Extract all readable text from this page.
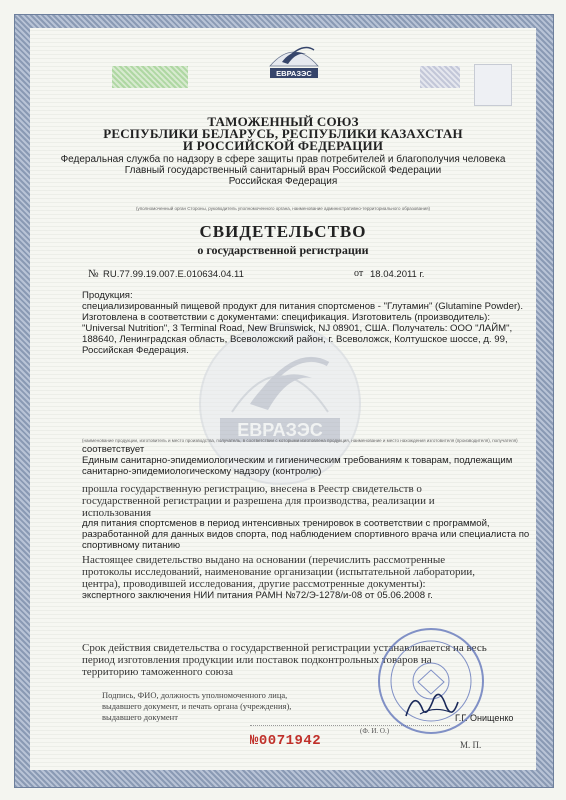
ЕВРАЗЭС
ЕВРАЗЭС
ТАМОЖЕННЫЙ СОЮЗ
РЕСПУБЛИКИ БЕЛАРУСЬ, РЕСПУБЛИКИ КАЗАХСТАН
И РОССИЙСКОЙ ФЕДЕРАЦИИ
Федеральная служба по надзору в сфере защиты прав потребителей и благополучия человека
Главный государственный санитарный врач Российской Федерации
Российская Федерация
(уполномоченный орган Стороны, руководитель уполномоченного органа, наименование административно-территориального образования)
СВИДЕТЕЛЬСТВО
о государственной регистрации
№ RU.77.99.19.007.Е.010634.04.11	от 18.04.2011 г.
Продукция:
специализированный пищевой продукт для питания спортсменов - "Глутамин" (Glutamine Powder).
Изготовлена в соответствии с документами: спецификация. Изготовитель (производитель):
"Universal Nutrition", 3 Terminal Road, New Brunswick, NJ 08901, США. Получатель: ООО "ЛАЙМ",
188640, Ленинградская область, Всеволожский район, г. Всеволожск, Колтушское шоссе, д. 99,
Российская Федерация.
(наименование продукции, изготовитель и место производства, получатель, в соответствии с которыми изготовлена продукция, наименование и место нахождения изготовителя (производителя), получателя)
соответствует
Единым санитарно-эпидемиологическим и гигиеническим требованиям к товарам, подлежащим
санитарно-эпидемиологическому надзору (контролю)
прошла государственную регистрацию, внесена в Реестр свидетельств о
государственной регистрации и разрешена для производства, реализации и
использования
для питания спортсменов в период интенсивных тренировок в соответствии с программой,
разработанной для данных видов спорта, под наблюдением спортивного врача или специалиста по
спортивному питанию
Настоящее свидетельство выдано на основании (перечислить рассмотренные
протоколы исследований, наименование организации (испытательной лаборатории,
центра), проводившей исследования, другие рассмотренные документы):
экспертного заключения НИИ питания РАМН №72/Э-1278/и-08 от 05.06.2008 г.
Срок действия свидетельства о государственной регистрации устанавливается на весь
период изготовления продукции или поставок подконтрольных товаров на
территорию таможенного союза
Подпись, ФИО, должность уполномоченного лица,
выдавшего документ, и печать органа (учреждения),
выдавшего документ	Г.Г. Онищенко
(Ф. И. О.)
М. П.
№0071942
